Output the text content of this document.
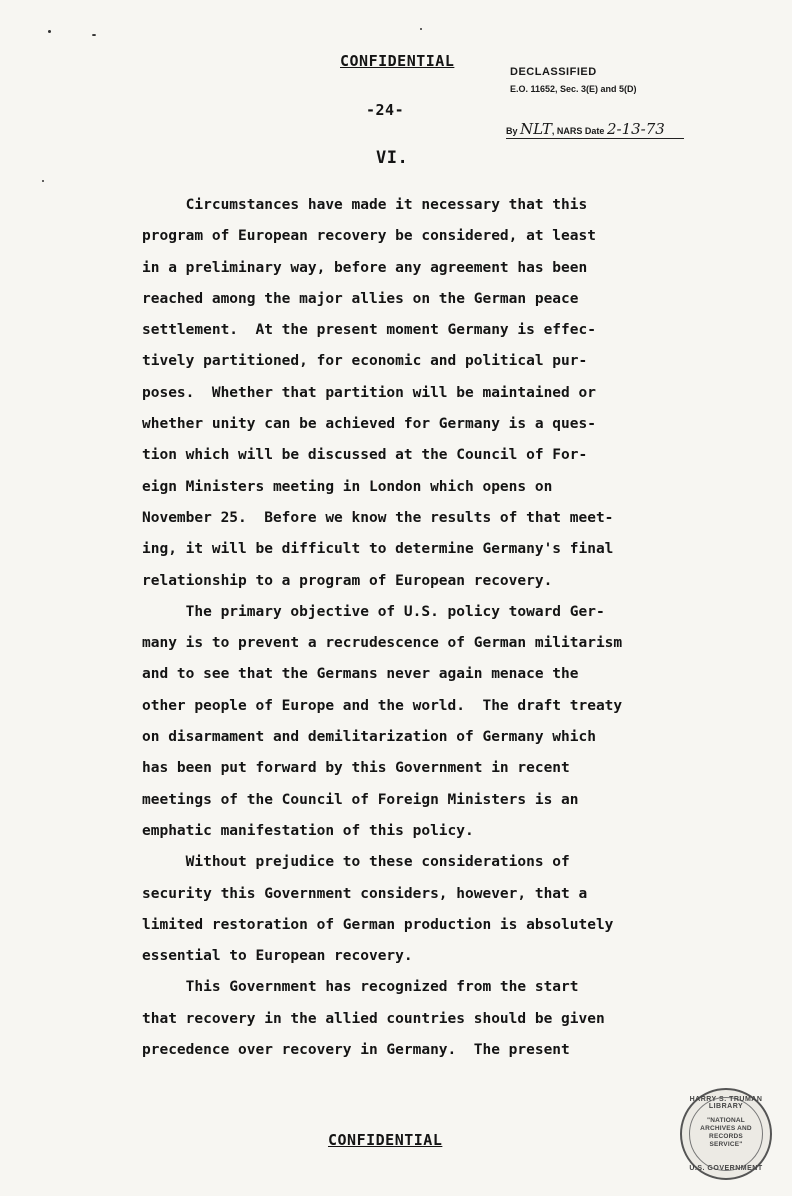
CONFIDENTIAL
-24-
VI.
DECLASSIFIED
E.O. 11652, Sec. 3(E) and 5(D)
By NLT, NARS Date 2-13-73
Circumstances have made it necessary that this
program of European recovery be considered, at least
in a preliminary way, before any agreement has been
reached among the major allies on the German peace
settlement.  At the present moment Germany is effec-
tively partitioned, for economic and political pur-
poses.  Whether that partition will be maintained or
whether unity can be achieved for Germany is a ques-
tion which will be discussed at the Council of For-
eign Ministers meeting in London which opens on
November 25.  Before we know the results of that meet-
ing, it will be difficult to determine Germany's final
relationship to a program of European recovery.
The primary objective of U.S. policy toward Ger-
many is to prevent a recrudescence of German militarism
and to see that the Germans never again menace the
other people of Europe and the world.  The draft treaty
on disarmament and demilitarization of Germany which
has been put forward by this Government in recent
meetings of the Council of Foreign Ministers is an
emphatic manifestation of this policy.
Without prejudice to these considerations of
security this Government considers, however, that a
limited restoration of German production is absolutely
essential to European recovery.
This Government has recognized from the start
that recovery in the allied countries should be given
precedence over recovery in Germany.  The present
CONFIDENTIAL
HARRY S. TRUMAN LIBRARY
"NATIONAL ARCHIVES AND RECORDS SERVICE"
U.S. GOVERNMENT
